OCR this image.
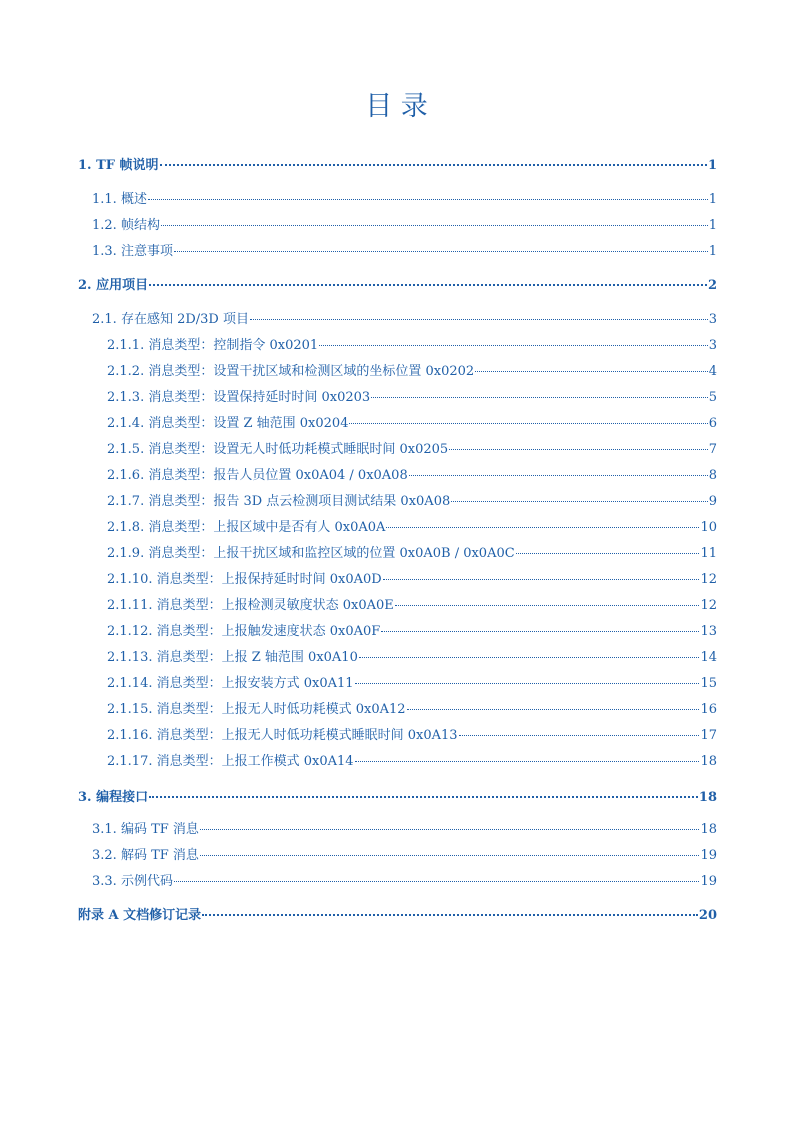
目 录
1. TF 帧说明	1
1.1. 概述	1
1.2. 帧结构	1
1.3. 注意事项	1
2. 应用项目	2
2.1. 存在感知 2D/3D 项目	3
2.1.1. 消息类型：控制指令 0x0201	3
2.1.2. 消息类型：设置干扰区域和检测区域的坐标位置 0x0202	4
2.1.3. 消息类型：设置保持延时时间 0x0203	5
2.1.4. 消息类型：设置 Z 轴范围 0x0204	6
2.1.5. 消息类型：设置无人时低功耗模式睡眠时间 0x0205	7
2.1.6. 消息类型：报告人员位置 0x0A04 / 0x0A08	8
2.1.7. 消息类型：报告 3D 点云检测项目测试结果 0x0A08	9
2.1.8. 消息类型：上报区域中是否有人 0x0A0A	10
2.1.9. 消息类型：上报干扰区域和监控区域的位置 0x0A0B / 0x0A0C	11
2.1.10. 消息类型：上报保持延时时间 0x0A0D	12
2.1.11. 消息类型：上报检测灵敏度状态 0x0A0E	12
2.1.12. 消息类型：上报触发速度状态 0x0A0F	13
2.1.13. 消息类型：上报 Z 轴范围 0x0A10	14
2.1.14. 消息类型：上报安装方式 0x0A11	15
2.1.15. 消息类型：上报无人时低功耗模式 0x0A12	16
2.1.16. 消息类型：上报无人时低功耗模式睡眠时间 0x0A13	17
2.1.17. 消息类型：上报工作模式 0x0A14	18
3. 编程接口	18
3.1. 编码 TF 消息	18
3.2. 解码 TF 消息	19
3.3. 示例代码	19
附录 A 文档修订记录	20
